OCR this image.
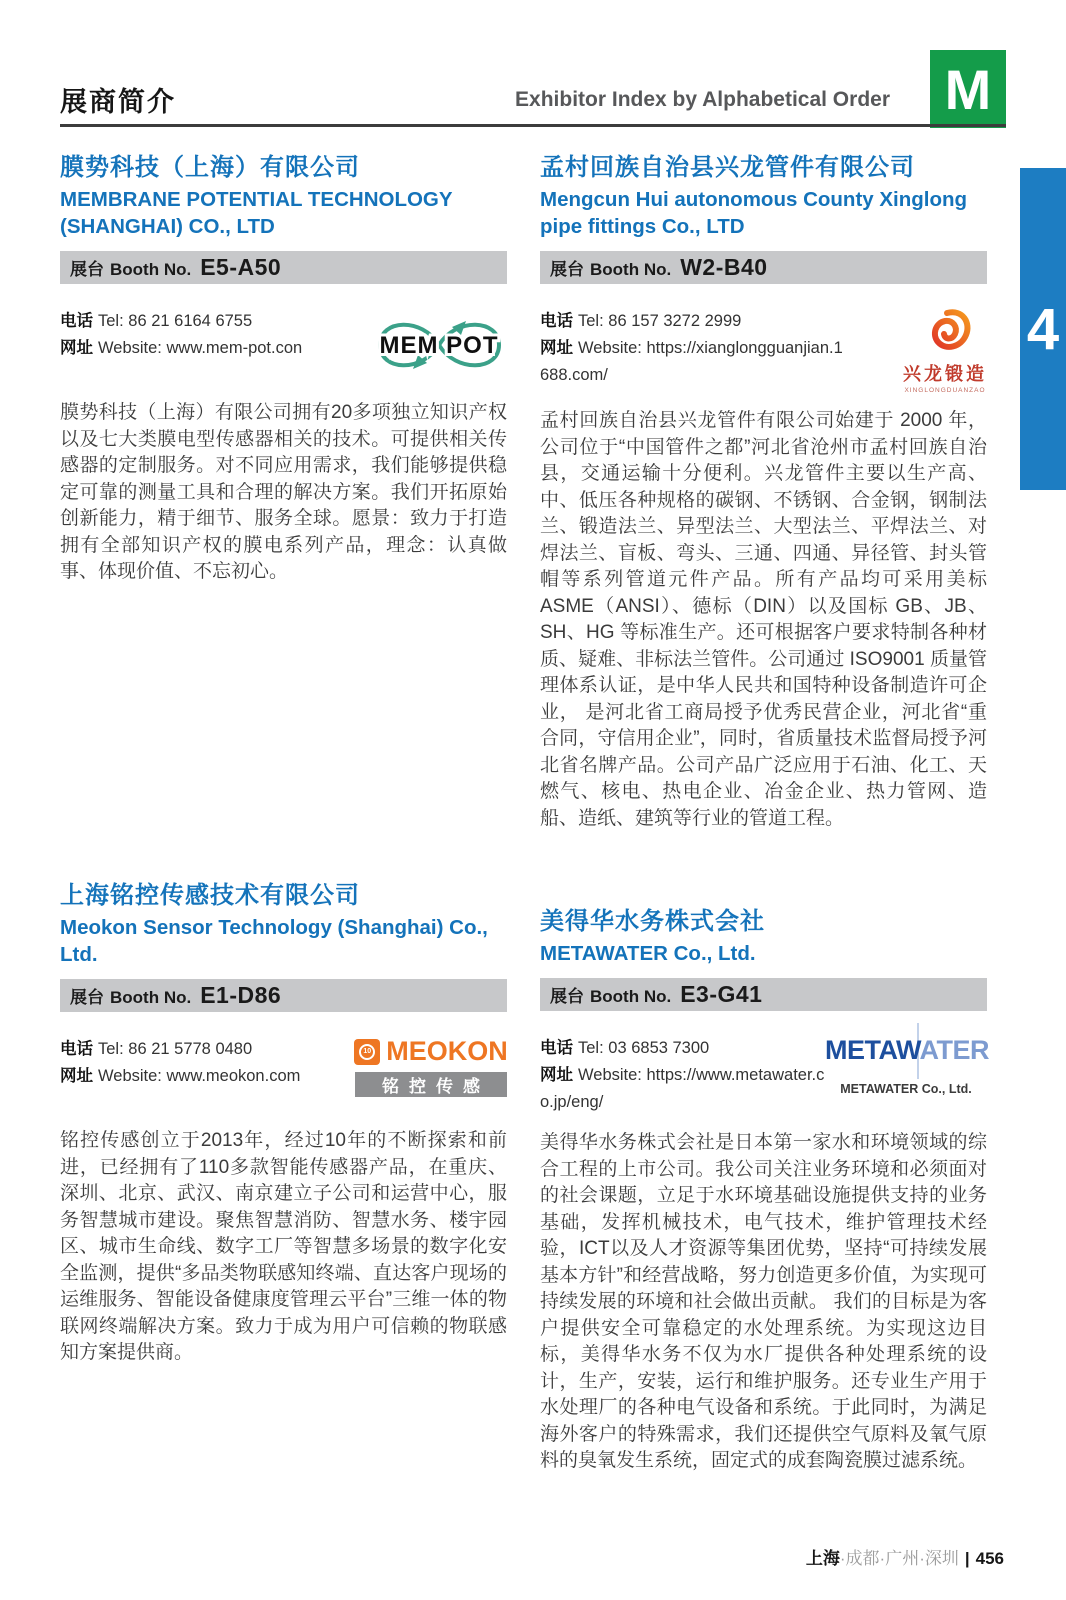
展商简介	Exhibitor Index by Alphabetical Order M
4
膜势科技（上海）有限公司
MEMBRANE POTENTIAL TECHNOLOGY (SHANGHAI) CO., LTD
展台 Booth No. E5-A50
电话 Tel: 86 21 6164 6755
网址 Website: www.mem-pot.con	MEM POT

膜势科技（上海）有限公司拥有20多项独立知识产权以及七大类膜电型传感器相关的技术。可提供相关传感器的定制服务。对不同应用需求，我们能够提供稳定可靠的测量工具和合理的解决方案。我们开拓原始创新能力，精于细节、服务全球。愿景：致力于打造拥有全部知识产权的膜电系列产品，理念：认真做事、体现价值、不忘初心。

孟村回族自治县兴龙管件有限公司
Mengcun Hui autonomous County Xinglong pipe fittings Co., LTD
展台 Booth No. W2-B40
电话 Tel: 86 157 3272 2999
网址 Website: https://xianglongguanjian.1688.com/	兴龙锻造
XINGLONGDUANZAO

孟村回族自治县兴龙管件有限公司始建于 2000 年，公司位于“中国管件之都”河北省沧州市孟村回族自治县，交通运输十分便利。兴龙管件主要以生产高、中、低压各种规格的碳钢、不锈钢、合金钢，钢制法兰、锻造法兰、异型法兰、大型法兰、平焊法兰、对焊法兰、盲板、弯头、三通、四通、异径管、封头管帽等系列管道元件产品。所有产品均可采用美标 ASME（ANSI）、德标（DIN）以及国标 GB、JB、SH、HG 等标准生产。还可根据客户要求特制各种材质、疑难、非标法兰管件。公司通过 ISO9001 质量管理体系认证，是中华人民共和国特种设备制造许可企业， 是河北省工商局授予优秀民营企业，河北省“重合同，守信用企业”，同时，省质量技术监督局授予河北省名牌产品。公司产品广泛应用于石油、化工、天燃气、核电、热电企业、冶金企业、热力管网、造船、造纸、建筑等行业的管道工程。

上海铭控传感技术有限公司
Meokon Sensor Technology (Shanghai) Co., Ltd.
展台 Booth No. E1-D86
电话 Tel: 86 21 5778 0480
网址 Website: www.meokon.com
10 MEOKON
铭控传感

铭控传感创立于2013年，经过10年的不断探索和前进，已经拥有了110多款智能传感器产品，在重庆、深圳、北京、武汉、南京建立子公司和运营中心，服务智慧城市建设。聚焦智慧消防、智慧水务、楼宇园区、城市生命线、数字工厂等智慧多场景的数字化安全监测，提供“多品类物联感知终端、直达客户现场的运维服务、智能设备健康度管理云平台”三维一体的物联网终端解决方案。致力于成为用户可信赖的物联感知方案提供商。

美得华水务株式会社
METAWATER Co., Ltd.
展台 Booth No. E3-G41
电话 Tel: 03 6853 7300
网址 Website: https://www.metawater.co.jp/eng/
METAWATER
METAWATER Co., Ltd.

美得华水务株式会社是日本第一家水和环境领域的综合工程的上市公司。我公司关注业务环境和必须面对的社会课题，立足于水环境基础设施提供支持的业务基础，发挥机械技术，电气技术，维护管理技术经验，ICT以及人才资源等集团优势，坚持“可持续发展基本方针”和经营战略，努力创造更多价值，为实现可持续发展的环境和社会做出贡献。 我们的目标是为客户提供安全可靠稳定的水处理系统。为实现这边目标，美得华水务不仅为水厂提供各种处理系统的设计，生产，安装，运行和维护服务。还专业生产用于水处理厂的各种电气设备和系统。于此同时，为满足海外客户的特殊需求，我们还提供空气原料及氧气原料的臭氧发生系统，固定式的成套陶瓷膜过滤系统。

上海·成都·广州·深圳 | 456
